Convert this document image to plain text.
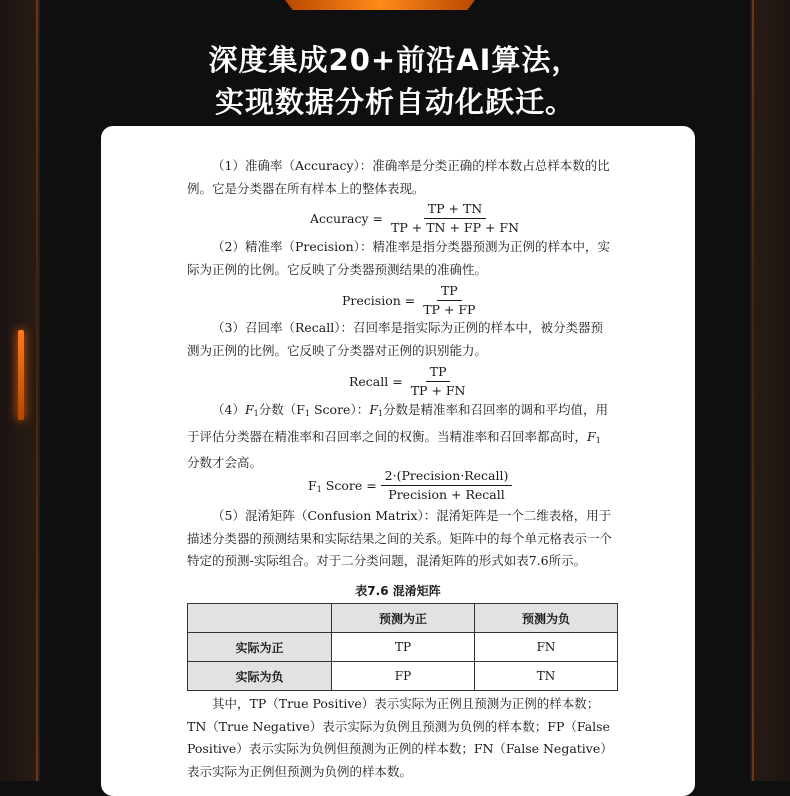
深度集成20+前沿AI算法，
实现数据分析自动化跃迁。
（1）准确率（Accuracy）：准确率是分类正确的样本数占总样本数的比例。它是分类器在所有样本上的整体表现。
Accuracy = $\frac{TP + TN}{TP + TN + FP + FN}$
（2）精准率（Precision）：精准率是指分类器预测为正例的样本中，实际为正例的比例。它反映了分类器预测结果的准确性。
Precision = $\frac{TP}{TP + FP}$
（3）召回率（Recall）：召回率是指实际为正例的样本中，被分类器预测为正例的比例。它反映了分类器对正例的识别能力。
Recall = $\frac{TP}{TP + FN}$
（4）F1分数（F1 Score）：F1分数是精准率和召回率的调和平均值，用于评估分类器在精准率和召回率之间的权衡。当精准率和召回率都高时，F1分数才会高。
F1 Score = $\frac{\text{2·(Precision·Recall)}}{\text{Precision + Recall}}$
（5）混淆矩阵（Confusion Matrix）：混淆矩阵是一个二维表格，用于描述分类器的预测结果和实际结果之间的关系。矩阵中的每个单元格表示一个特定的预测-实际组合。对于二分类问题，混淆矩阵的形式如表7.6所示。
表7.6 混淆矩阵
	预测为正	预测为负
实际为正	TP	FN
实际为负	FP	TN
其中，TP（True Positive）表示实际为正例且预测为正例的样本数；TN（True Negative）表示实际为负例且预测为负例的样本数；FP（False Positive）表示实际为负例但预测为正例的样本数；FN（False Negative）表示实际为正例但预测为负例的样本数。
